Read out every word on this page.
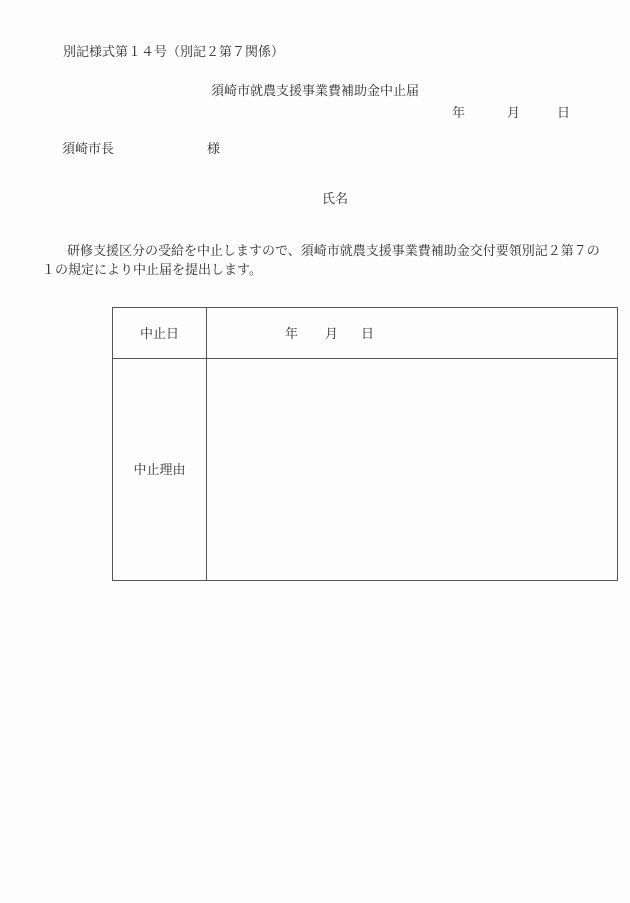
別記様式第１４号（別記２第７関係）
須崎市就農支援事業費補助金中止届
年	月	日
須崎市長	様
氏名
研修支援区分の受給を中止しますので、須崎市就農支援事業費補助金交付要領別記２第７の
１の規定により中止届を提出します。
中止日	年 月 日
中止理由	
